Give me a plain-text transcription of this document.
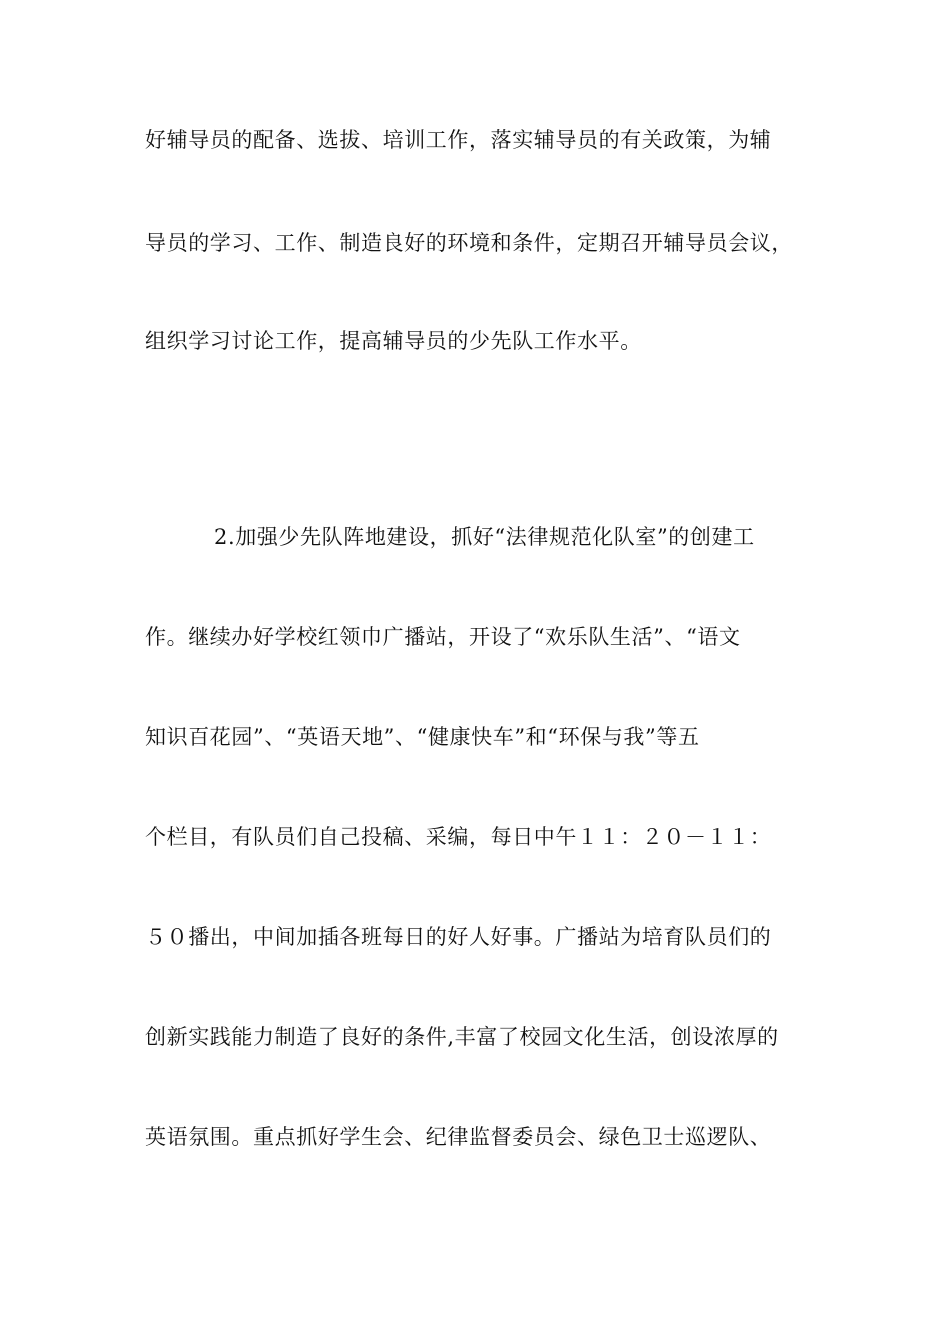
好辅导员的配备、选拔、培训工作，落实辅导员的有关政策，为辅
导员的学习、工作、制造良好的环境和条件，定期召开辅导员会议，
组织学习讨论工作，提高辅导员的少先队工作水平。
2.加强少先队阵地建设，抓好“法律规范化队室”的创建工
作。继续办好学校红领巾广播站，开设了“欢乐队生活”、“语文
知识百花园”、“英语天地”、“健康快车”和“环保与我”等五
个栏目，有队员们自己投稿、采编，每日中午１１：２０－１１：
５０播出，中间加插各班每日的好人好事。广播站为培育队员们的
创新实践能力制造了良好的条件,丰富了校园文化生活，创设浓厚的
英语氛围。重点抓好学生会、纪律监督委员会、绿色卫士巡逻队、
